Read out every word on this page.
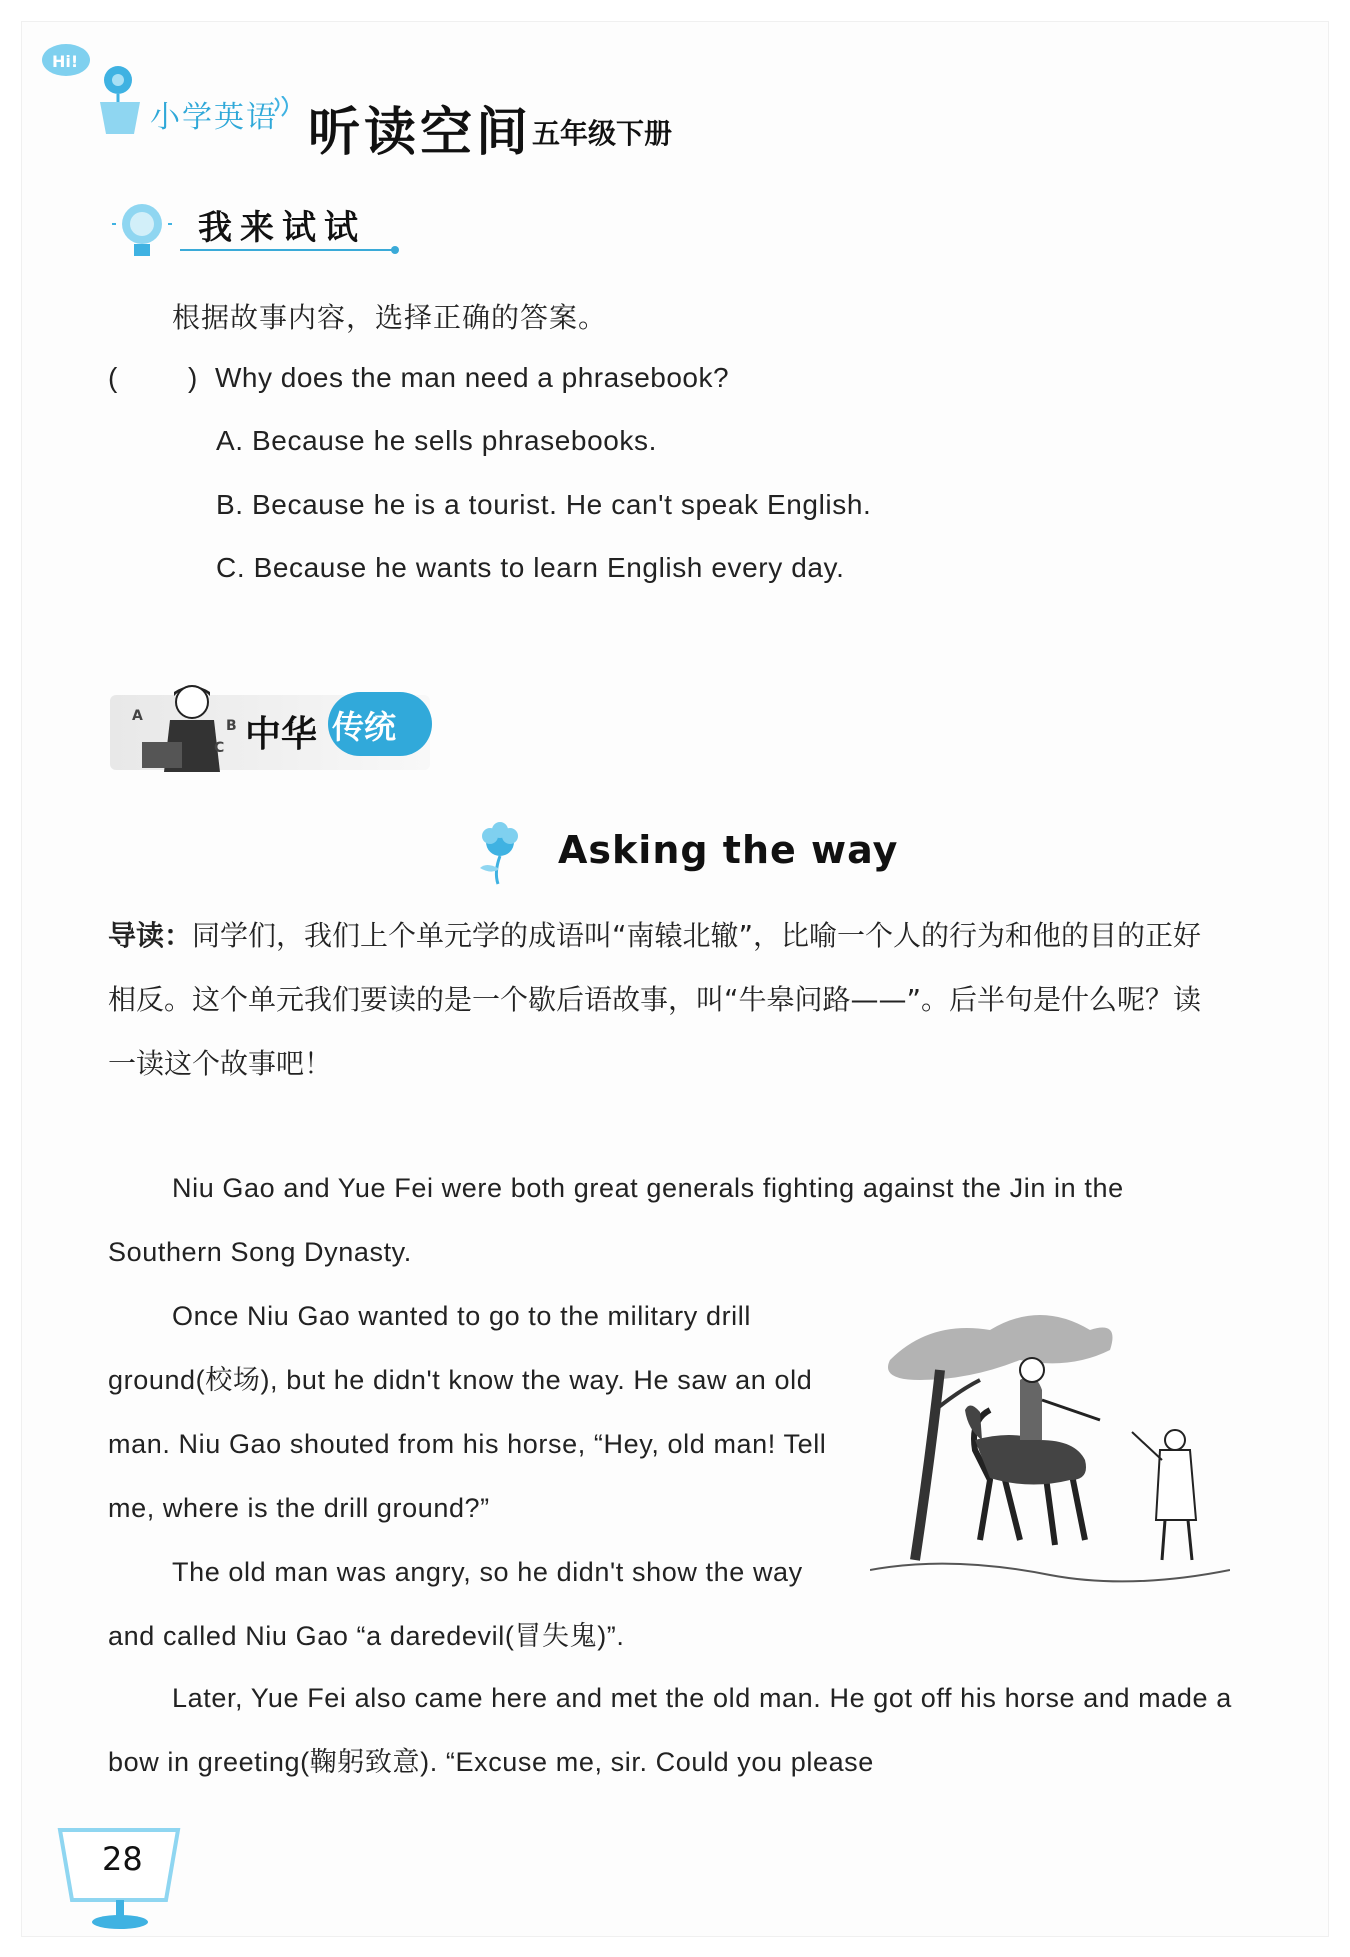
Hi!
小学英语 听读空间 五年级下册
我来试试
根据故事内容，选择正确的答案。
(	) Why does the man need a phrasebook?
A. Because he sells phrasebooks.
B. Because he is a tourist. He can't speak English.
C. Because he wants to learn English every day.
A
B
C 中华 传统
Asking the way
导读：同学们，我们上个单元学的成语叫“南辕北辙”，比喻一个人的行为和他的目的正好相反。这个单元我们要读的是一个歇后语故事，叫“牛皋问路——”。后半句是什么呢？读一读这个故事吧！
Niu Gao and Yue Fei were both great generals fighting against the Jin in the Southern Song Dynasty.
Once Niu Gao wanted to go to the military drill ground(校场), but he didn't know the way. He saw an old man. Niu Gao shouted from his horse, “Hey, old man! Tell me, where is the drill ground?”
The old man was angry, so he didn't show the way and called Niu Gao “a daredevil(冒失鬼)”.
Later, Yue Fei also came here and met the old man. He got off his horse and made a bow in greeting(鞠躬致意). “Excuse me, sir. Could you please
28
